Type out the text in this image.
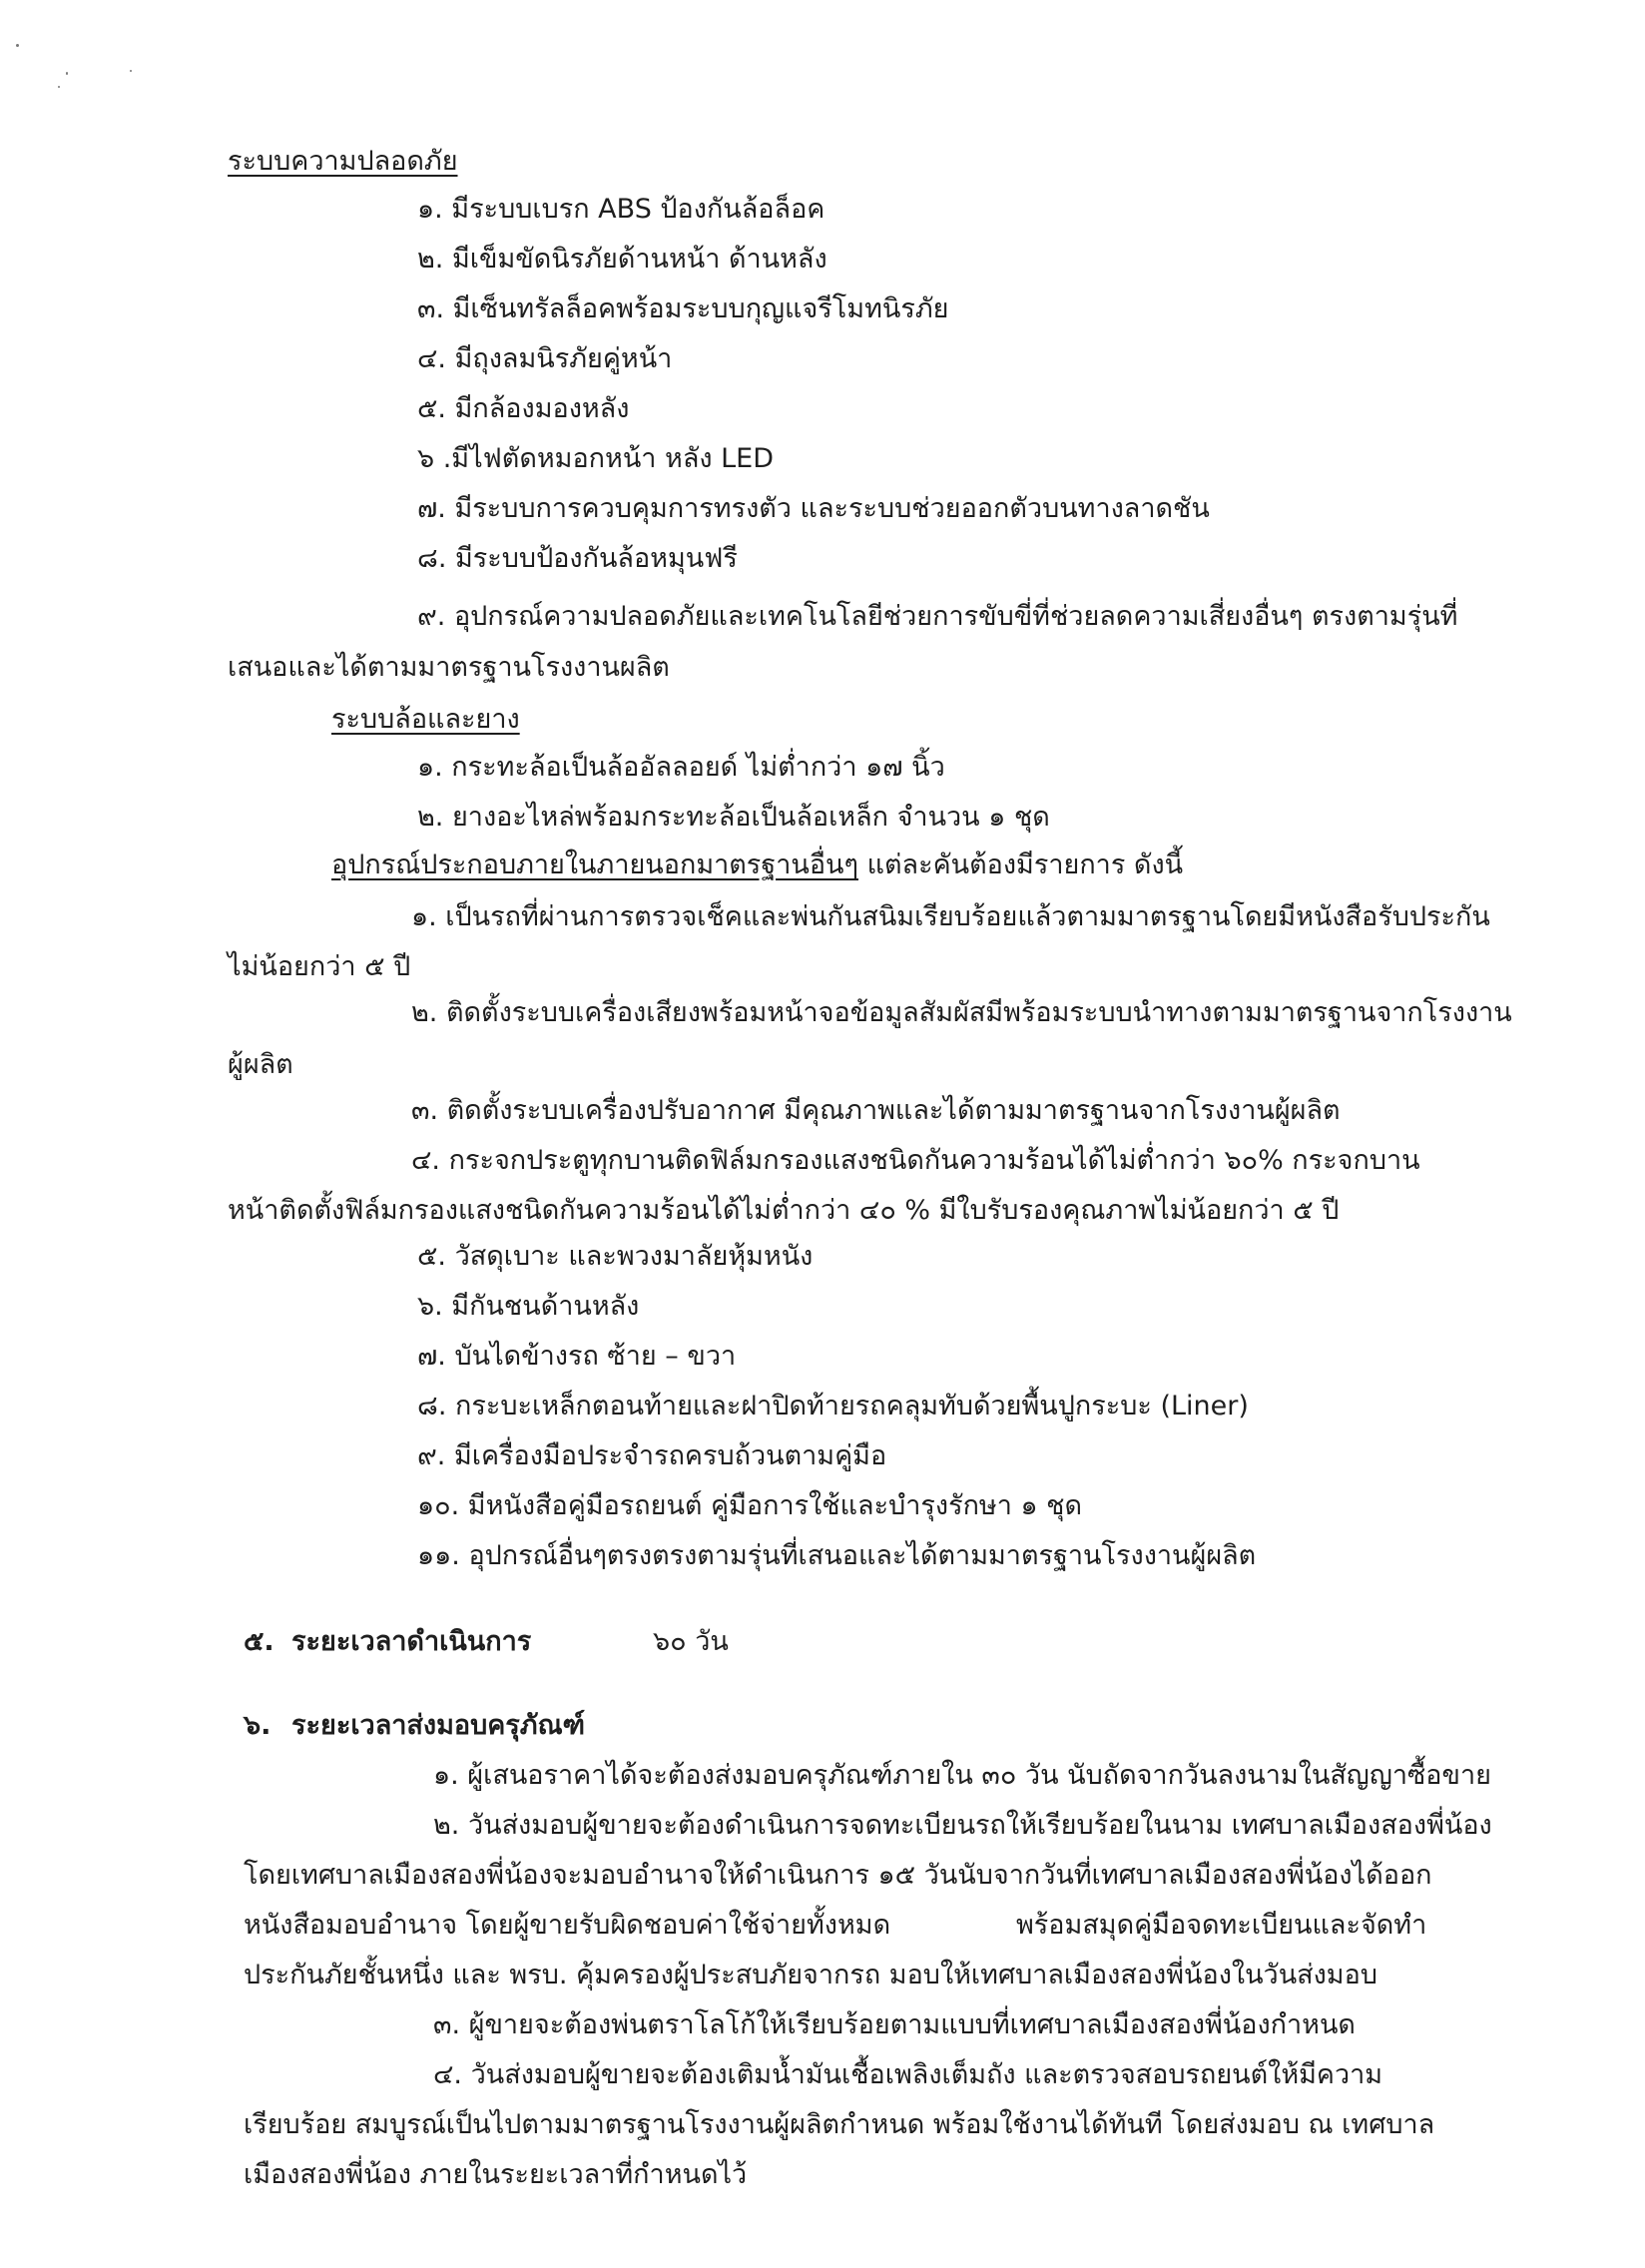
ระบบความปลอดภัย
๑. มีระบบเบรก ABS ป้องกันล้อล็อค
๒. มีเข็มขัดนิรภัยด้านหน้า ด้านหลัง
๓. มีเซ็นทรัลล็อคพร้อมระบบกุญแจรีโมทนิรภัย
๔. มีถุงลมนิรภัยคู่หน้า
๕. มีกล้องมองหลัง
๖ .มีไฟตัดหมอกหน้า หลัง LED
๗. มีระบบการควบคุมการทรงตัว และระบบช่วยออกตัวบนทางลาดชัน
๘. มีระบบป้องกันล้อหมุนฟรี
๙. อุปกรณ์ความปลอดภัยและเทคโนโลยีช่วยการขับขี่ที่ช่วยลดความเสี่ยงอื่นๆ ตรงตามรุ่นที่
เสนอและได้ตามมาตรฐานโรงงานผลิต
ระบบล้อและยาง
๑. กระทะล้อเป็นล้ออัลลอยด์ ไม่ต่ำกว่า ๑๗ นิ้ว
๒. ยางอะไหล่พร้อมกระทะล้อเป็นล้อเหล็ก จำนวน ๑ ชุด
อุปกรณ์ประกอบภายในภายนอกมาตรฐานอื่นๆ แต่ละคันต้องมีรายการ ดังนี้
๑. เป็นรถที่ผ่านการตรวจเช็คและพ่นกันสนิมเรียบร้อยแล้วตามมาตรฐานโดยมีหนังสือรับประกัน
ไม่น้อยกว่า ๕ ปี
๒. ติดตั้งระบบเครื่องเสียงพร้อมหน้าจอข้อมูลสัมผัสมีพร้อมระบบนำทางตามมาตรฐานจากโรงงาน
ผู้ผลิต
๓. ติดตั้งระบบเครื่องปรับอากาศ มีคุณภาพและได้ตามมาตรฐานจากโรงงานผู้ผลิต
๔. กระจกประตูทุกบานติดฟิล์มกรองแสงชนิดกันความร้อนได้ไม่ต่ำกว่า ๖๐% กระจกบาน
หน้าติดตั้งฟิล์มกรองแสงชนิดกันความร้อนได้ไม่ต่ำกว่า ๔๐ % มีใบรับรองคุณภาพไม่น้อยกว่า ๕ ปี
๕. วัสดุเบาะ และพวงมาลัยหุ้มหนัง
๖. มีกันชนด้านหลัง
๗. บันไดข้างรถ ซ้าย – ขวา
๘. กระบะเหล็กตอนท้ายและฝาปิดท้ายรถคลุมทับด้วยพื้นปูกระบะ (Liner)
๙. มีเครื่องมือประจำรถครบถ้วนตามคู่มือ
๑๐. มีหนังสือคู่มือรถยนต์ คู่มือการใช้และบำรุงรักษา ๑ ชุด
๑๑. อุปกรณ์อื่นๆตรงตรงตามรุ่นที่เสนอและได้ตามมาตรฐานโรงงานผู้ผลิต
๕. ระยะเวลาดำเนินการ	๖๐ วัน
๖. ระยะเวลาส่งมอบครุภัณฑ์
๑. ผู้เสนอราคาได้จะต้องส่งมอบครุภัณฑ์ภายใน ๓๐ วัน นับถัดจากวันลงนามในสัญญาซื้อขาย
๒. วันส่งมอบผู้ขายจะต้องดำเนินการจดทะเบียนรถให้เรียบร้อยในนาม เทศบาลเมืองสองพี่น้อง
โดยเทศบาลเมืองสองพี่น้องจะมอบอำนาจให้ดำเนินการ ๑๕ วันนับจากวันที่เทศบาลเมืองสองพี่น้องได้ออก
หนังสือมอบอำนาจ โดยผู้ขายรับผิดชอบค่าใช้จ่ายทั้งหมด	พร้อมสมุดคู่มือจดทะเบียนและจัดทำ
ประกันภัยชั้นหนึ่ง และ พรบ. คุ้มครองผู้ประสบภัยจากรถ มอบให้เทศบาลเมืองสองพี่น้องในวันส่งมอบ
๓. ผู้ขายจะต้องพ่นตราโลโก้ให้เรียบร้อยตามแบบที่เทศบาลเมืองสองพี่น้องกำหนด
๔. วันส่งมอบผู้ขายจะต้องเติมน้ำมันเชื้อเพลิงเต็มถัง และตรวจสอบรถยนต์ให้มีความ
เรียบร้อย สมบูรณ์เป็นไปตามมาตรฐานโรงงานผู้ผลิตกำหนด พร้อมใช้งานได้ทันที โดยส่งมอบ ณ เทศบาล
เมืองสองพี่น้อง ภายในระยะเวลาที่กำหนดไว้
